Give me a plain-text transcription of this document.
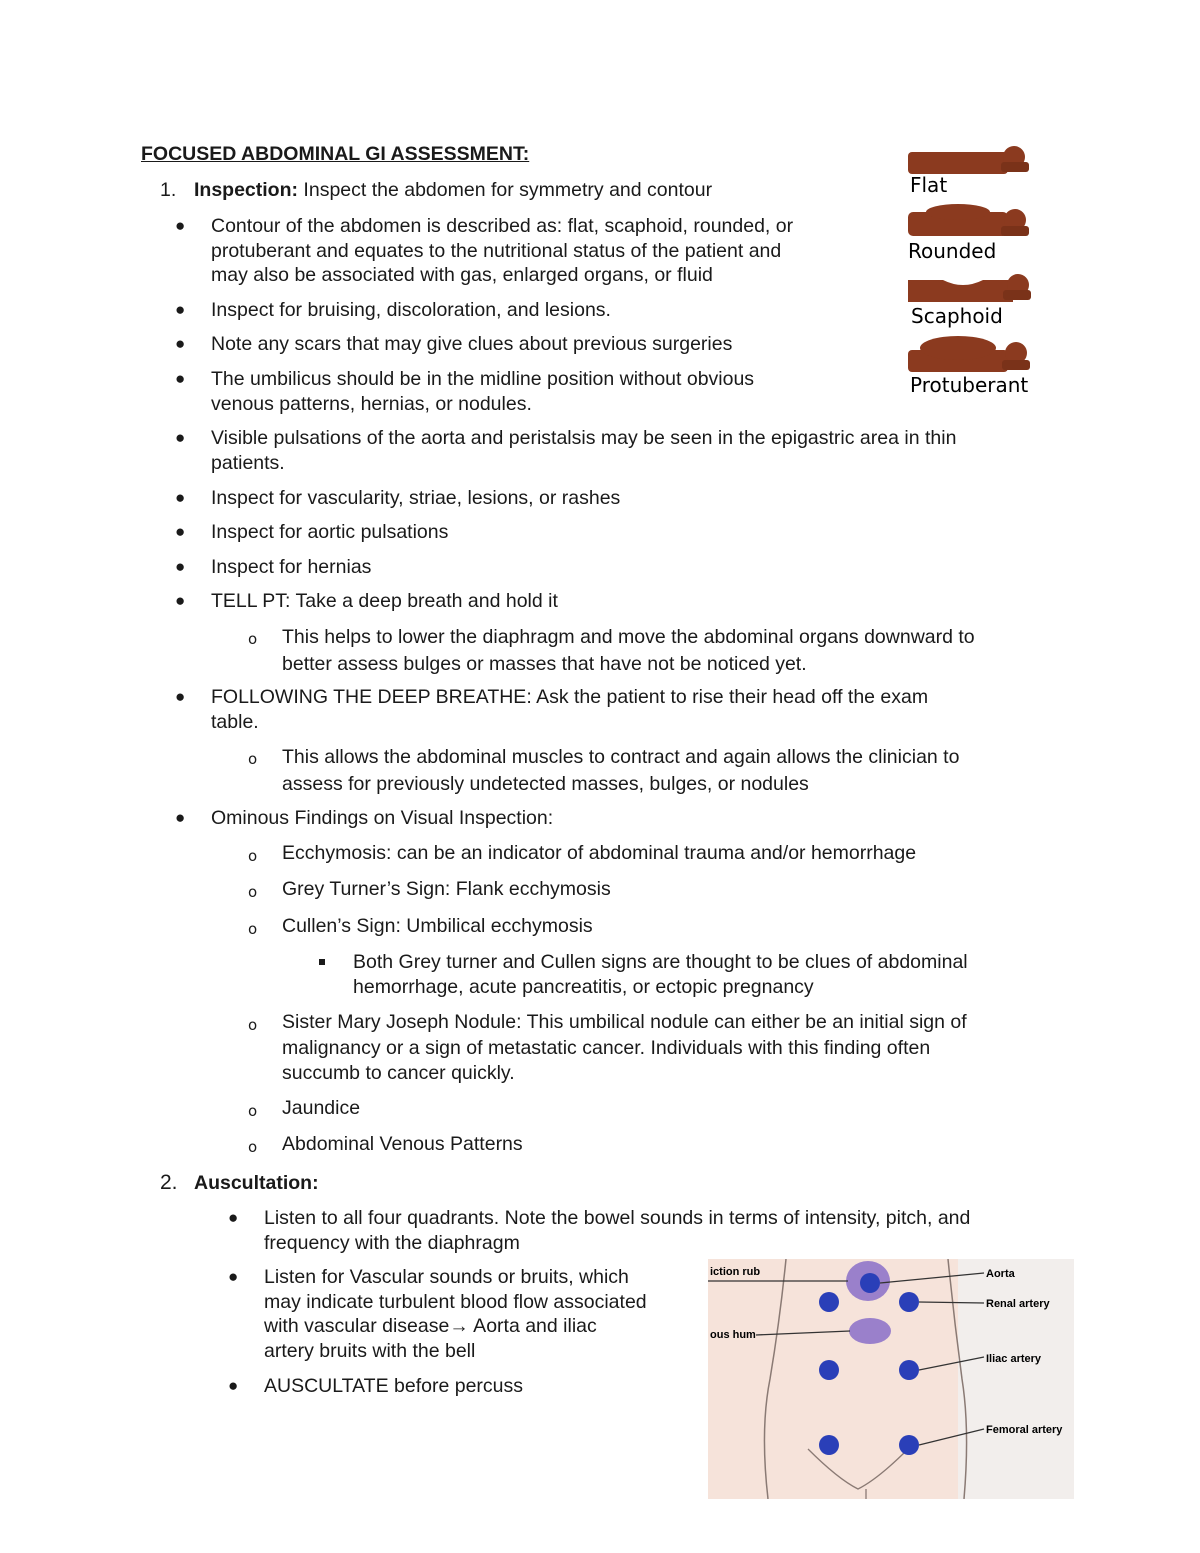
FOCUSED ABDOMINAL GI ASSESSMENT:
1. Inspection: Inspect the abdomen for symmetry and contour
● Contour of the abdomen is described as: flat, scaphoid, rounded, or
protuberant and equates to the nutritional status of the patient and
may also be associated with gas, enlarged organs, or fluid
● Inspect for bruising, discoloration, and lesions.
● Note any scars that may give clues about previous surgeries
● The umbilicus should be in the midline position without obvious
venous patterns, hernias, or nodules.
● Visible pulsations of the aorta and peristalsis may be seen in the epigastric area in thin
patients.
● Inspect for vascularity, striae, lesions, or rashes
● Inspect for aortic pulsations
● Inspect for hernias
● TELL PT: Take a deep breath and hold it
o This helps to lower the diaphragm and move the abdominal organs downward to
better assess bulges or masses that have not be noticed yet.
● FOLLOWING THE DEEP BREATHE: Ask the patient to rise their head off the exam
table.
o This allows the abdominal muscles to contract and again allows the clinician to
assess for previously undetected masses, bulges, or nodules
● Ominous Findings on Visual Inspection:
o Ecchymosis: can be an indicator of abdominal trauma and/or hemorrhage
o Grey Turner’s Sign: Flank ecchymosis
o Cullen’s Sign: Umbilical ecchymosis
Both Grey turner and Cullen signs are thought to be clues of abdominal
hemorrhage, acute pancreatitis, or ectopic pregnancy
o Sister Mary Joseph Nodule: This umbilical nodule can either be an initial sign of
malignancy or a sign of metastatic cancer. Individuals with this finding often
succumb to cancer quickly.
o Jaundice
o Abdominal Venous Patterns
2. Auscultation:
● Listen to all four quadrants. Note the bowel sounds in terms of intensity, pitch, and
frequency with the diaphragm
● Listen for Vascular sounds or bruits, which
may indicate turbulent blood flow associated
with vascular disease→ Aorta and iliac
artery bruits with the bell
● AUSCULTATE before percuss
Flat
Rounded
Scaphoid
Protuberant
Aorta
Renal artery
Iliac artery
Femoral artery
iction rub
ous hum
